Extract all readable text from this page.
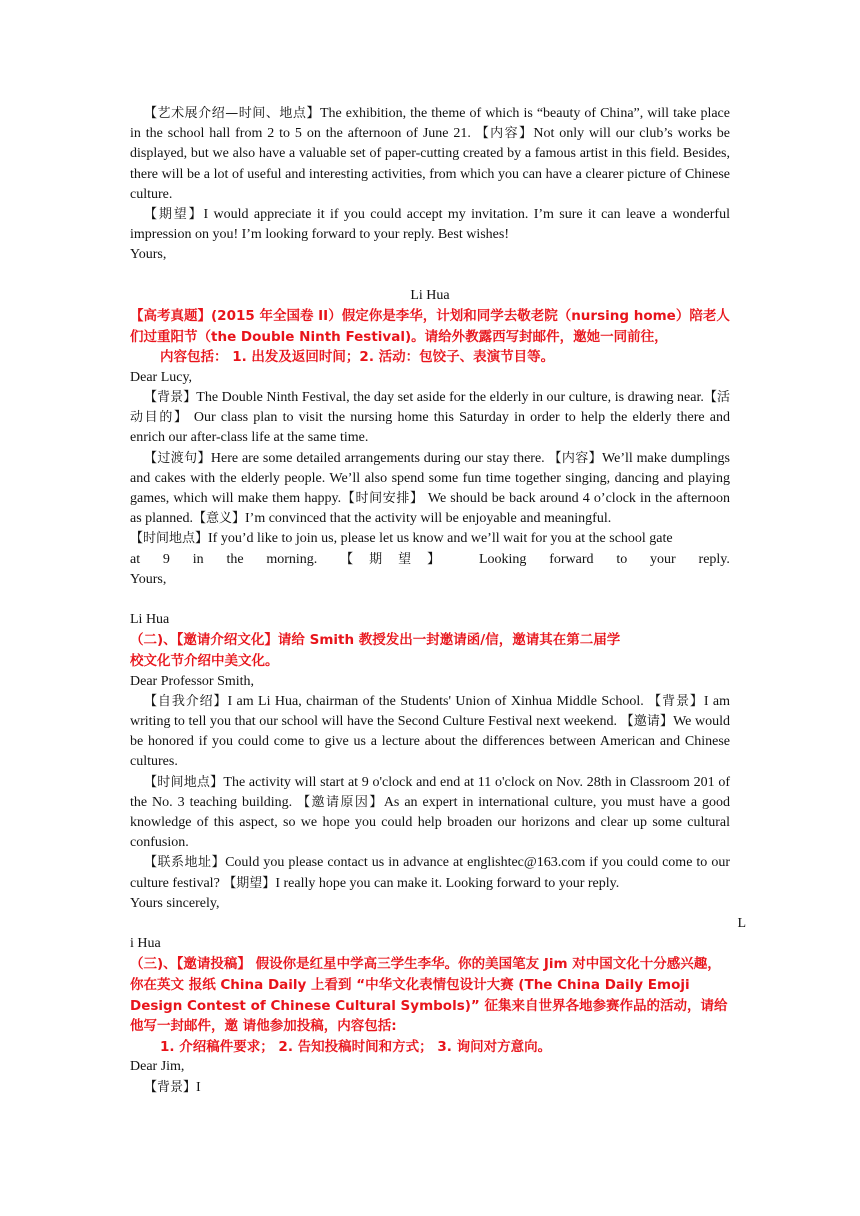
【艺术展介绍—时间、地点】The exhibition, the theme of which is “beauty of China”, will take place in the school hall from 2 to 5 on the afternoon of June 21. 【内容】Not only will our club’s works be displayed, but we also have a valuable set of paper-cutting created by a famous artist in this field. Besides, there will be a lot of useful and interesting activities, from which you can have a clearer picture of Chinese culture.

【期望】I would appreciate it if you could accept my invitation. I’m sure it can leave a wonderful impression on you! I’m looking forward to your reply. Best wishes!

Yours,

Li Hua

【高考真题】(2015 年全国卷 II）假定你是李华，计划和同学去敬老院（nursing home）陪老人们过重阳节（the Double Ninth Festival)。请给外教露西写封邮件，邀她一同前往，

内容包括： 1. 出发及返回时间；2. 活动：包饺子、表演节目等。

Dear Lucy,

【背景】The Double Ninth Festival, the day set aside for the elderly in our culture, is drawing near.【活动目的】 Our class plan to visit the nursing home this Saturday in order to help the elderly there and enrich our after-class life at the same time.

【过渡句】Here are some detailed arrangements during our stay there. 【内容】We’ll make dumplings and cakes with the elderly people. We’ll also spend some fun time together singing, dancing and playing games, which will make them happy.【时间安排】 We should be back around 4 o’clock in the afternoon as planned.【意义】I’m convinced that the activity will be enjoyable and meaningful.

【时间地点】If you’d like to join us, please let us know and we’ll wait for you at the school gate

at 9 in the morning. 【期望】 Looking forward to your reply.

Yours,

Li Hua

（二)、【邀请介绍文化】请给 Smith 教授发出一封邀请函/信，邀请其在第二届学

校文化节介绍中美文化。

Dear Professor Smith,

【自我介绍】I am Li Hua, chairman of the Students' Union of Xinhua Middle School. 【背景】I am writing to tell you that our school will have the Second Culture Festival next weekend. 【邀请】We would be honored if you could come to give us a lecture about the differences between American and Chinese cultures.

【时间地点】The activity will start at 9 o'clock and end at 11 o'clock on Nov. 28th in Classroom 201 of the No. 3 teaching building. 【邀请原因】As an expert in international culture, you must have a good knowledge of this aspect, so we hope you could help broaden our horizons and clear up some cultural confusion.

【联系地址】Could you please contact us in advance at englishtec@163.com if you could come to our culture festival? 【期望】I really hope you can make it. Looking forward to your reply.

Yours sincerely,

L

i Hua

（三)、【邀请投稿】 假设你是红星中学高三学生李华。你的美国笔友 Jim 对中国文化十分感兴趣，你在英文 报纸 China Daily 上看到 “中华文化表情包设计大赛 (The China Daily Emoji Design Contest of Chinese Cultural Symbols)” 征集来自世界各地参赛作品的活动，请给他写一封邮件，邀 请他参加投稿，内容包括:

1. 介绍稿件要求； 2. 告知投稿时间和方式； 3. 询问对方意向。

Dear Jim,

【背景】I
